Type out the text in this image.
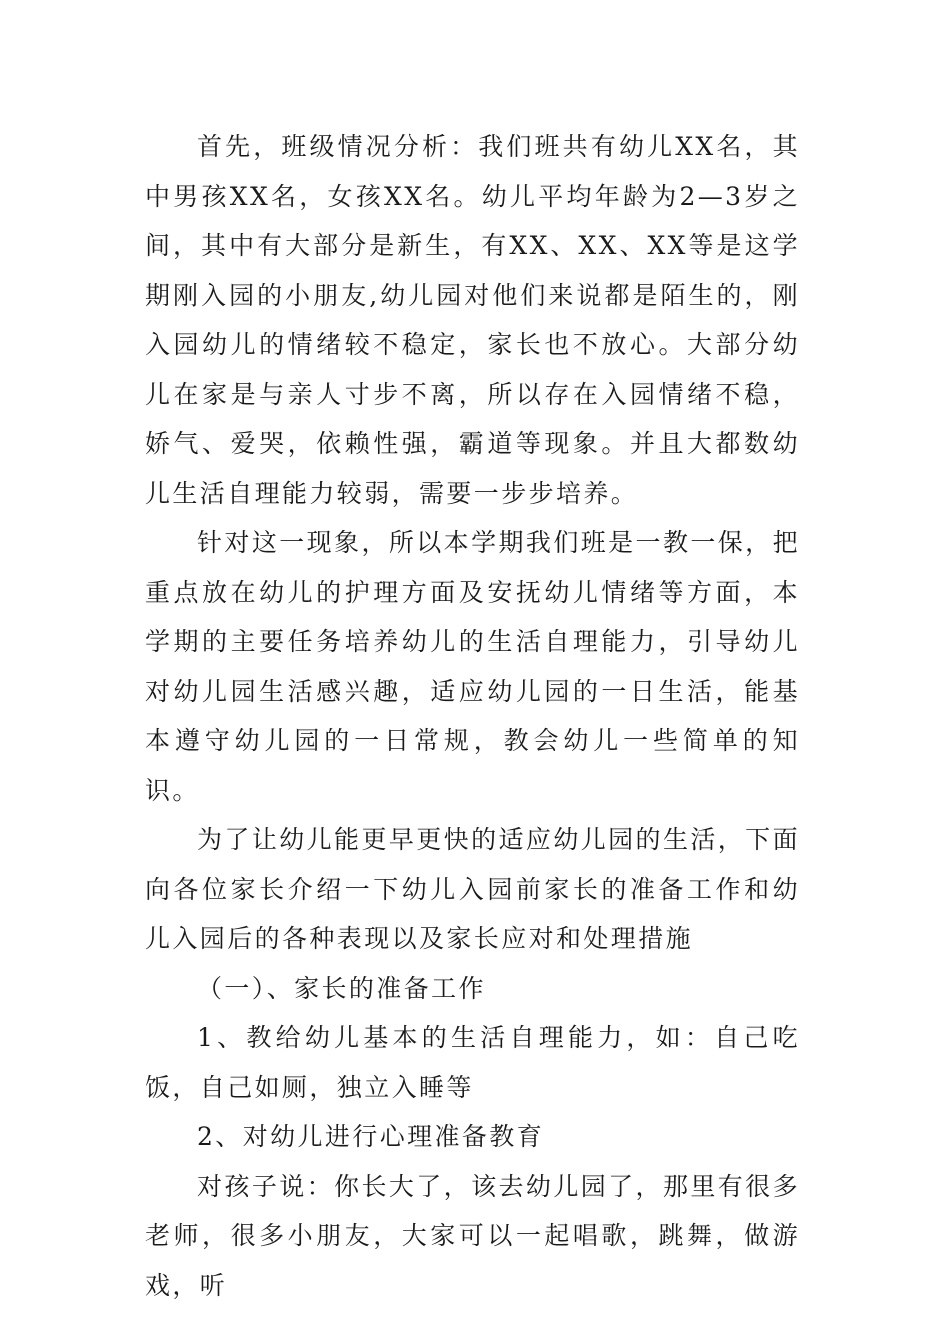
首先，班级情况分析：我们班共有幼儿XX名，其中男孩XX名，女孩XX名。幼儿平均年龄为2—3岁之间，其中有大部分是新生，有XX、XX、XX等是这学期刚入园的小朋友,幼儿园对他们来说都是陌生的，刚入园幼儿的情绪较不稳定，家长也不放心。大部分幼儿在家是与亲人寸步不离，所以存在入园情绪不稳，娇气、爱哭，依赖性强，霸道等现象。并且大都数幼儿生活自理能力较弱，需要一步步培养。

针对这一现象，所以本学期我们班是一教一保，把重点放在幼儿的护理方面及安抚幼儿情绪等方面，本学期的主要任务培养幼儿的生活自理能力，引导幼儿对幼儿园生活感兴趣，适应幼儿园的一日生活，能基本遵守幼儿园的一日常规，教会幼儿一些简单的知识。

为了让幼儿能更早更快的适应幼儿园的生活，下面向各位家长介绍一下幼儿入园前家长的准备工作和幼儿入园后的各种表现以及家长应对和处理措施

（一）、家长的准备工作

1、教给幼儿基本的生活自理能力，如：自己吃饭，自己如厕，独立入睡等

2、对幼儿进行心理准备教育

对孩子说：你长大了，该去幼儿园了，那里有很多老师，很多小朋友，大家可以一起唱歌，跳舞，做游戏，听
